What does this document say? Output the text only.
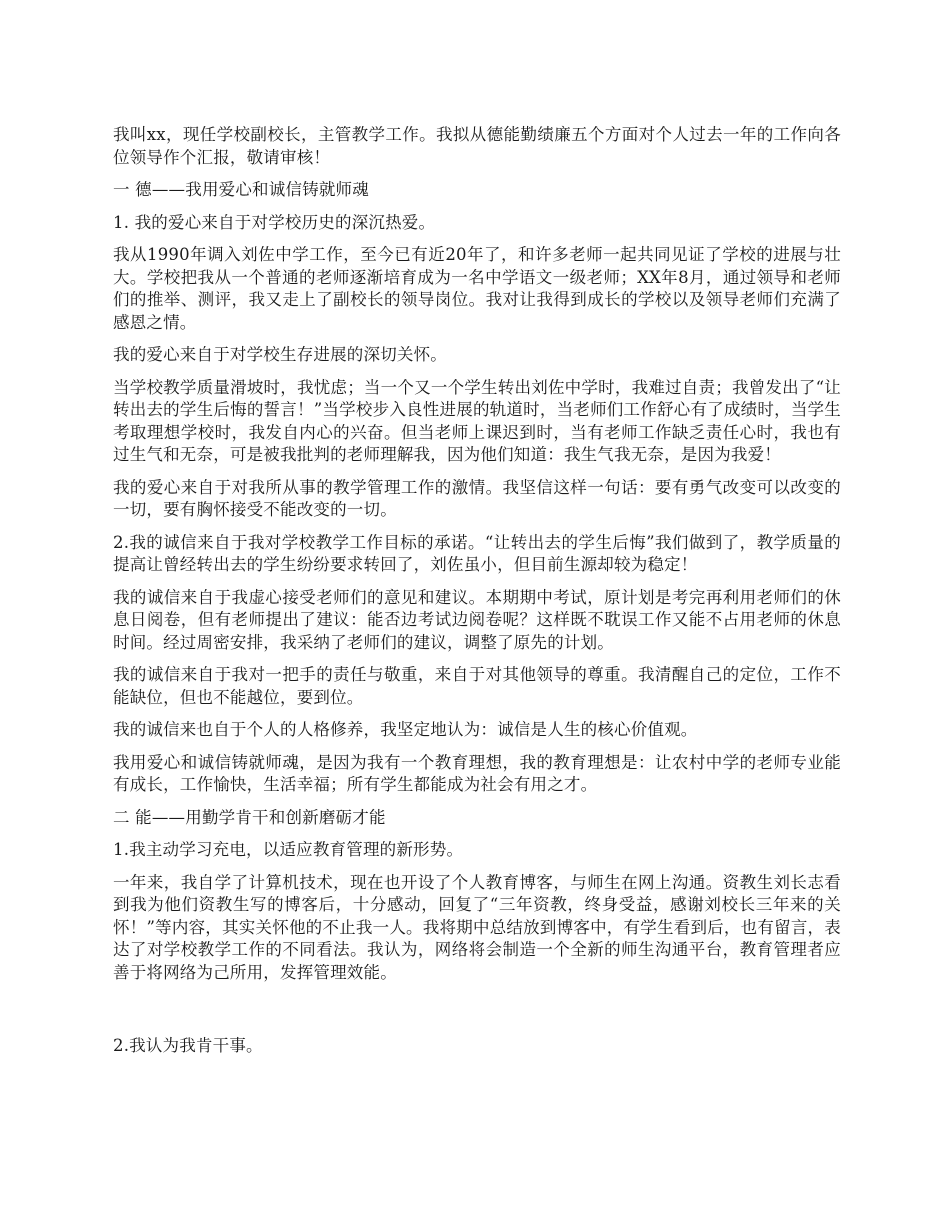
我叫xx，现任学校副校长，主管教学工作。我拟从德能勤绩廉五个方面对个人过去一年的工作向各位领导作个汇报，敬请审核！

一 德——我用爱心和诚信铸就师魂

1. 我的爱心来自于对学校历史的深沉热爱。

我从1990年调入刘佐中学工作，至今已有近20年了，和许多老师一起共同见证了学校的进展与壮大。学校把我从一个普通的老师逐渐培育成为一名中学语文一级老师；XX年8月，通过领导和老师们的推举、测评，我又走上了副校长的领导岗位。我对让我得到成长的学校以及领导老师们充满了感恩之情。

我的爱心来自于对学校生存进展的深切关怀。

当学校教学质量滑坡时，我忧虑；当一个又一个学生转出刘佐中学时，我难过自责；我曾发出了“让转出去的学生后悔的誓言！”当学校步入良性进展的轨道时，当老师们工作舒心有了成绩时，当学生考取理想学校时，我发自内心的兴奋。但当老师上课迟到时，当有老师工作缺乏责任心时，我也有过生气和无奈，可是被我批判的老师理解我，因为他们知道：我生气我无奈，是因为我爱！

我的爱心来自于对我所从事的教学管理工作的激情。我坚信这样一句话：要有勇气改变可以改变的一切，要有胸怀接受不能改变的一切。

2.我的诚信来自于我对学校教学工作目标的承诺。“让转出去的学生后悔”我们做到了，教学质量的提高让曾经转出去的学生纷纷要求转回了，刘佐虽小，但目前生源却较为稳定！

我的诚信来自于我虚心接受老师们的意见和建议。本期期中考试，原计划是考完再利用老师们的休息日阅卷，但有老师提出了建议：能否边考试边阅卷呢？这样既不耽误工作又能不占用老师的休息时间。经过周密安排，我采纳了老师们的建议，调整了原先的计划。

我的诚信来自于我对一把手的责任与敬重，来自于对其他领导的尊重。我清醒自己的定位，工作不能缺位，但也不能越位，要到位。

我的诚信来也自于个人的人格修养，我坚定地认为：诚信是人生的核心价值观。

我用爱心和诚信铸就师魂，是因为我有一个教育理想，我的教育理想是：让农村中学的老师专业能有成长，工作愉快，生活幸福；所有学生都能成为社会有用之才。

二 能——用勤学肯干和创新磨砺才能

1.我主动学习充电，以适应教育管理的新形势。

一年来，我自学了计算机技术，现在也开设了个人教育博客，与师生在网上沟通。资教生刘长志看到我为他们资教生写的博客后，十分感动，回复了“三年资教，终身受益，感谢刘校长三年来的关怀！”等内容，其实关怀他的不止我一人。我将期中总结放到博客中，有学生看到后，也有留言，表达了对学校教学工作的不同看法。我认为，网络将会制造一个全新的师生沟通平台，教育管理者应善于将网络为己所用，发挥管理效能。

2.我认为我肯干事。
